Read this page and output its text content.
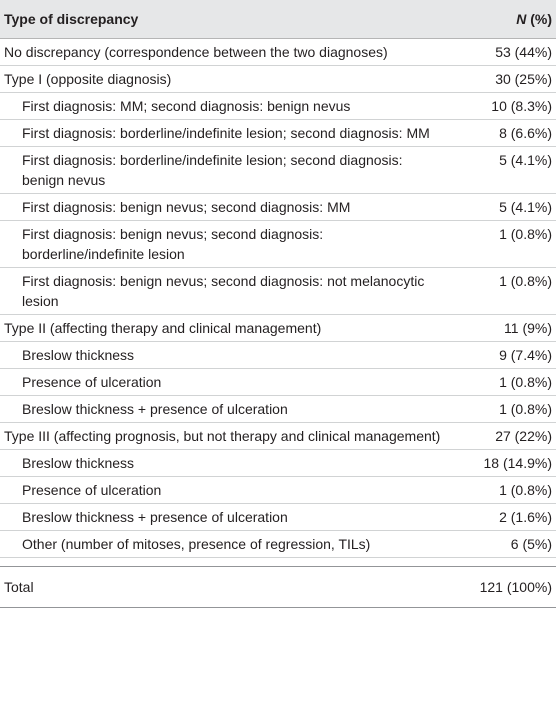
Type of discrepancy	N (%)
No discrepancy (correspondence between the two diagnoses)	53 (44%)
Type I (opposite diagnosis)	30 (25%)
First diagnosis: MM; second diagnosis: benign nevus	10 (8.3%)
First diagnosis: borderline/indefinite lesion; second diagnosis: MM	8 (6.6%)
First diagnosis: borderline/indefinite lesion; second diagnosis: benign nevus	5 (4.1%)
First diagnosis: benign nevus; second diagnosis: MM	5 (4.1%)
First diagnosis: benign nevus; second diagnosis: borderline/indefinite lesion	1 (0.8%)
First diagnosis: benign nevus; second diagnosis: not melanocytic lesion	1 (0.8%)
Type II (affecting therapy and clinical management)	11 (9%)
Breslow thickness	9 (7.4%)
Presence of ulceration	1 (0.8%)
Breslow thickness + presence of ulceration	1 (0.8%)
Type III (affecting prognosis, but not therapy and clinical management)	27 (22%)
Breslow thickness	18 (14.9%)
Presence of ulceration	1 (0.8%)
Breslow thickness + presence of ulceration	2 (1.6%)
Other (number of mitoses, presence of regression, TILs)	6 (5%)

Total	121 (100%)
